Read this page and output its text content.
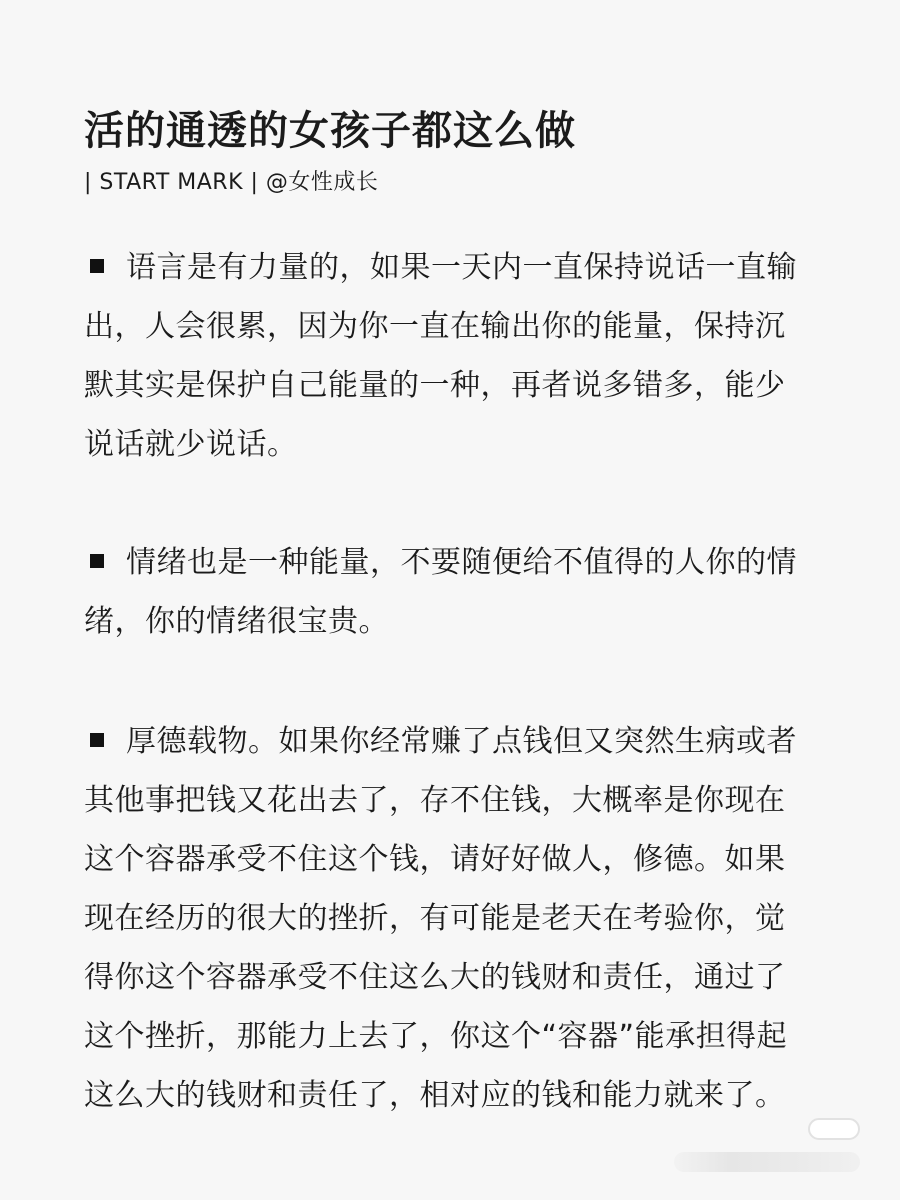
活的通透的女孩子都这么做
| START MARK | @女性成长
语言是有力量的，如果一天内一直保持说话一直输
出，人会很累，因为你一直在输出你的能量，保持沉
默其实是保护自己能量的一种，再者说多错多，能少
说话就少说话。
情绪也是一种能量，不要随便给不值得的人你的情
绪，你的情绪很宝贵。
厚德载物。如果你经常赚了点钱但又突然生病或者
其他事把钱又花出去了，存不住钱，大概率是你现在
这个容器承受不住这个钱，请好好做人，修德。如果
现在经历的很大的挫折，有可能是老天在考验你，觉
得你这个容器承受不住这么大的钱财和责任，通过了
这个挫折，那能力上去了，你这个“容器”能承担得起
这么大的钱财和责任了，相对应的钱和能力就来了。
